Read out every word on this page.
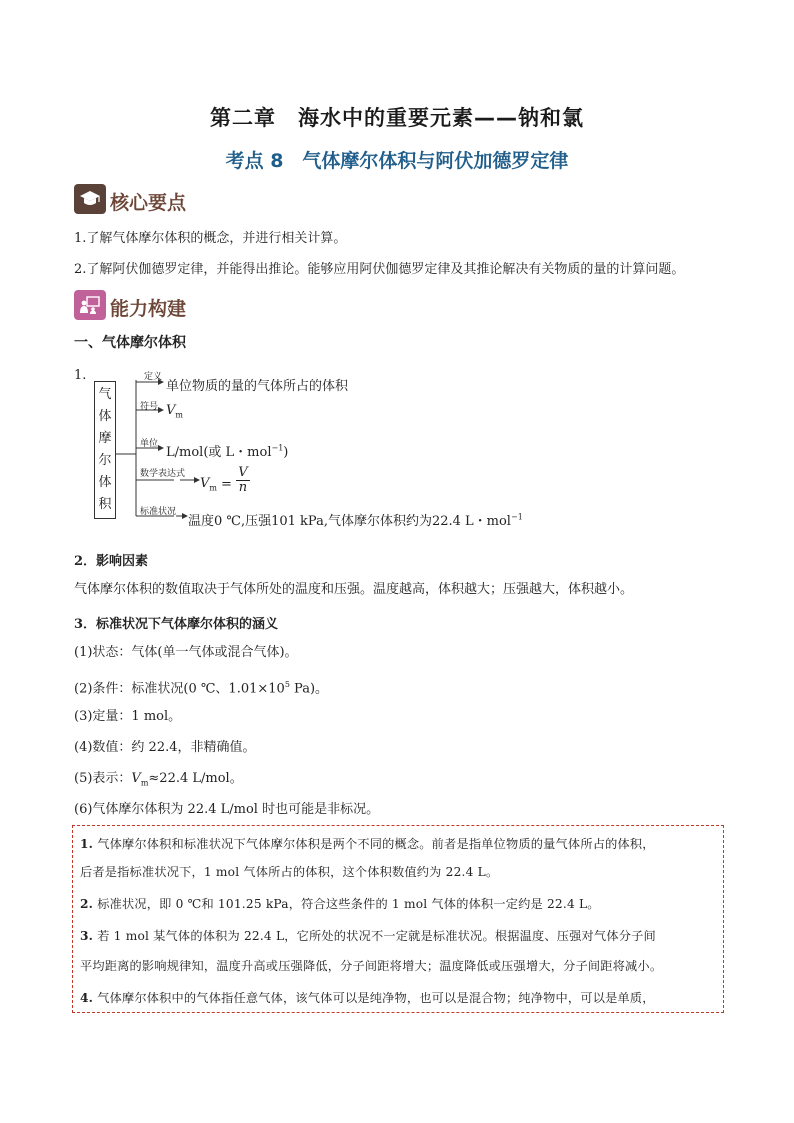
第二章　海水中的重要元素——钠和氯
考点 8　气体摩尔体积与阿伏加德罗定律
核心要点
1.了解气体摩尔体积的概念，并进行相关计算。
2.了解阿伏伽德罗定律，并能得出推论。能够应用阿伏伽德罗定律及其推论解决有关物质的量的计算问题。
能力构建
一、气体摩尔体积
1.
气
体
摩
尔
体
积
定义
符号
单位
数学表达式
标准状况
单位物质的量的气体所占的体积
$V_m$
L/mol(或 L・mol$^{-1}$)
$V_m = \frac{V}{n}$
温度0 ℃,压强101 kPa,气体摩尔体积约为22.4 L・mol$^{-1}$
2．影响因素
气体摩尔体积的数值取决于气体所处的温度和压强。温度越高，体积越大；压强越大，体积越小。
3．标准状况下气体摩尔体积的涵义
(1)状态：气体(单一气体或混合气体)。
(2)条件：标准状况(0 ℃、$1.01\times 10^5$ Pa)。
(3)定量：1 mol。
(4)数值：约 22.4，非精确值。
(5)表示：$V_m\approx 22.4$ L/mol。
(6)气体摩尔体积为 22.4 L/mol 时也可能是非标况。
1. 气体摩尔体积和标准状况下气体摩尔体积是两个不同的概念。前者是指单位物质的量气体所占的体积，
后者是指标准状况下，1 mol 气体所占的体积，这个体积数值约为 22.4 L。
2. 标准状况，即 0 ℃和 101.25 kPa，符合这些条件的 1 mol 气体的体积一定约是 22.4 L。
3. 若 1 mol 某气体的体积为 22.4 L，它所处的状况不一定就是标准状况。根据温度、压强对气体分子间
平均距离的影响规律知，温度升高或压强降低，分子间距将增大；温度降低或压强增大，分子间距将减小。
4. 气体摩尔体积中的气体指任意气体，该气体可以是纯净物，也可以是混合物；纯净物中，可以是单质，
